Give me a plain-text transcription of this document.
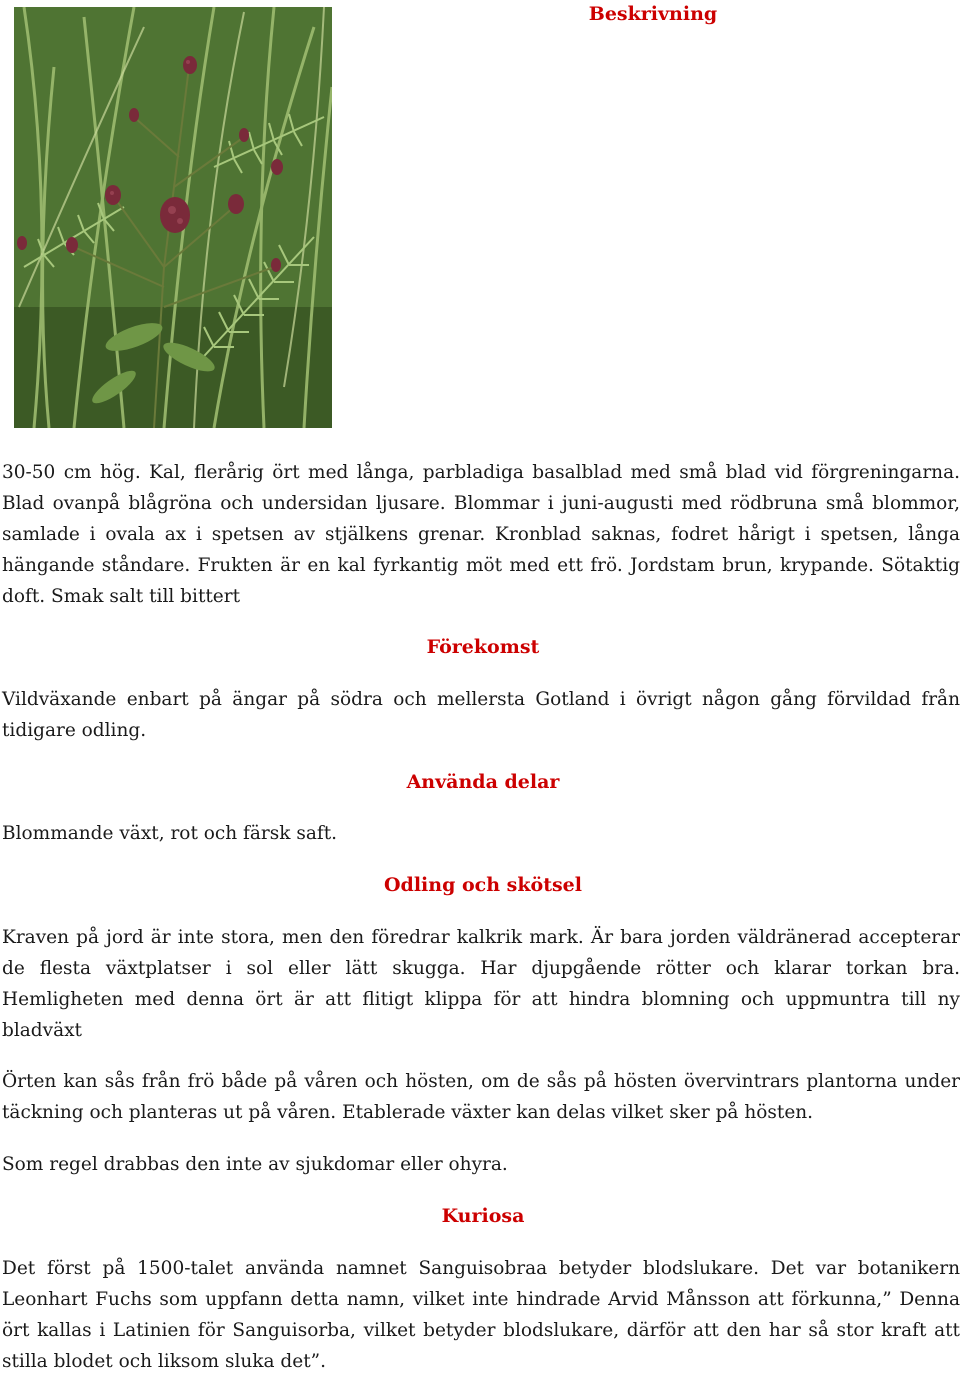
Beskrivning

30-50 cm hög. Kal, flerårig ört med långa, parbladiga basalblad med små blad vid förgreningarna. Blad ovanpå blågröna och undersidan ljusare. Blommar i juni-augusti med rödbruna små blommor, samlade i ovala ax i spetsen av stjälkens grenar. Kronblad saknas, fodret hårigt i spetsen, långa hängande ståndare. Frukten är en kal fyrkantig möt med ett frö. Jordstam brun, krypande. Sötaktig doft. Smak salt till bittert

Förekomst

Vildväxande enbart på ängar på södra och mellersta Gotland i övrigt någon gång förvildad från tidigare odling.

Använda delar

Blommande växt, rot och färsk saft.

Odling och skötsel

Kraven på jord är inte stora, men den föredrar kalkrik mark. Är bara jorden väldränerad accepterar de flesta växtplatser i sol eller lätt skugga. Har djupgående rötter och klarar torkan bra. Hemligheten med denna ört är att flitigt klippa för att hindra blomning och uppmuntra till ny bladväxt

Örten kan sås från frö både på våren och hösten, om de sås på hösten övervintrars plantorna under täckning och planteras ut på våren. Etablerade växter kan delas vilket sker på hösten.

Som regel drabbas den inte av sjukdomar eller ohyra.

Kuriosa

Det först på 1500-talet använda namnet Sanguisobraa betyder blodslukare. Det var botanikern Leonhart Fuchs som uppfann detta namn, vilket inte hindrade Arvid Månsson att förkunna,” Denna ört kallas i Latinien för Sanguisorba, vilket betyder blodslukare, därför att den har så stor kraft att stilla blodet och liksom sluka det”.
